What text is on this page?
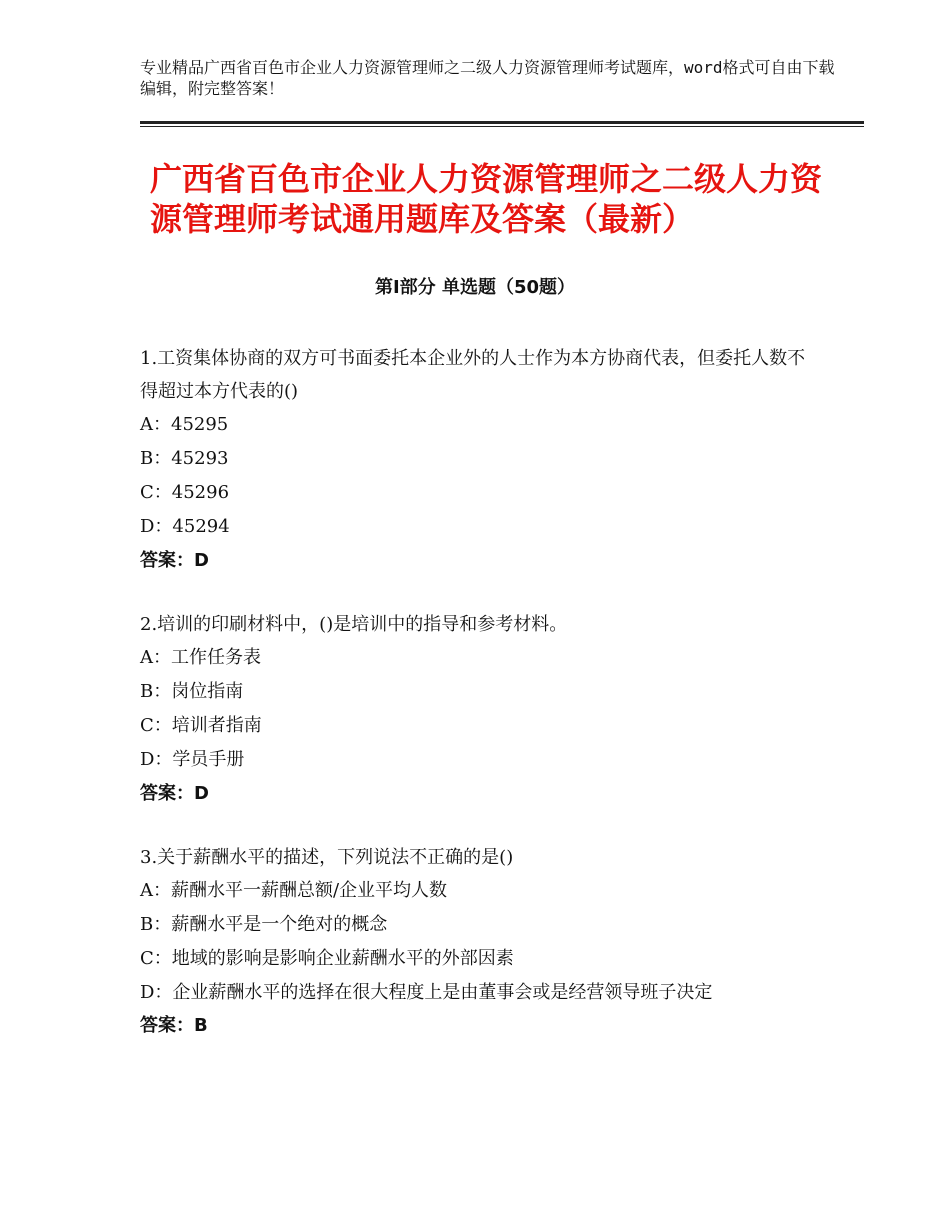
专业精品广西省百色市企业人力资源管理师之二级人力资源管理师考试题库，word格式可自由下载编辑，附完整答案！
广西省百色市企业人力资源管理师之二级人力资源管理师考试通用题库及答案（最新）
第Ⅰ部分 单选题（50题）

1.工资集体协商的双方可书面委托本企业外的人士作为本方协商代表，但委托人数不得超过本方代表的()

A：45295

B：45293

C：45296

D：45294

答案：D

2.培训的印刷材料中，()是培训中的指导和参考材料。

A：工作任务表

B：岗位指南

C：培训者指南

D：学员手册

答案：D

3.关于薪酬水平的描述，下列说法不正确的是()

A：薪酬水平一薪酬总额/企业平均人数

B：薪酬水平是一个绝对的概念

C：地域的影响是影响企业薪酬水平的外部因素

D：企业薪酬水平的选择在很大程度上是由董事会或是经营领导班子决定

答案：B
